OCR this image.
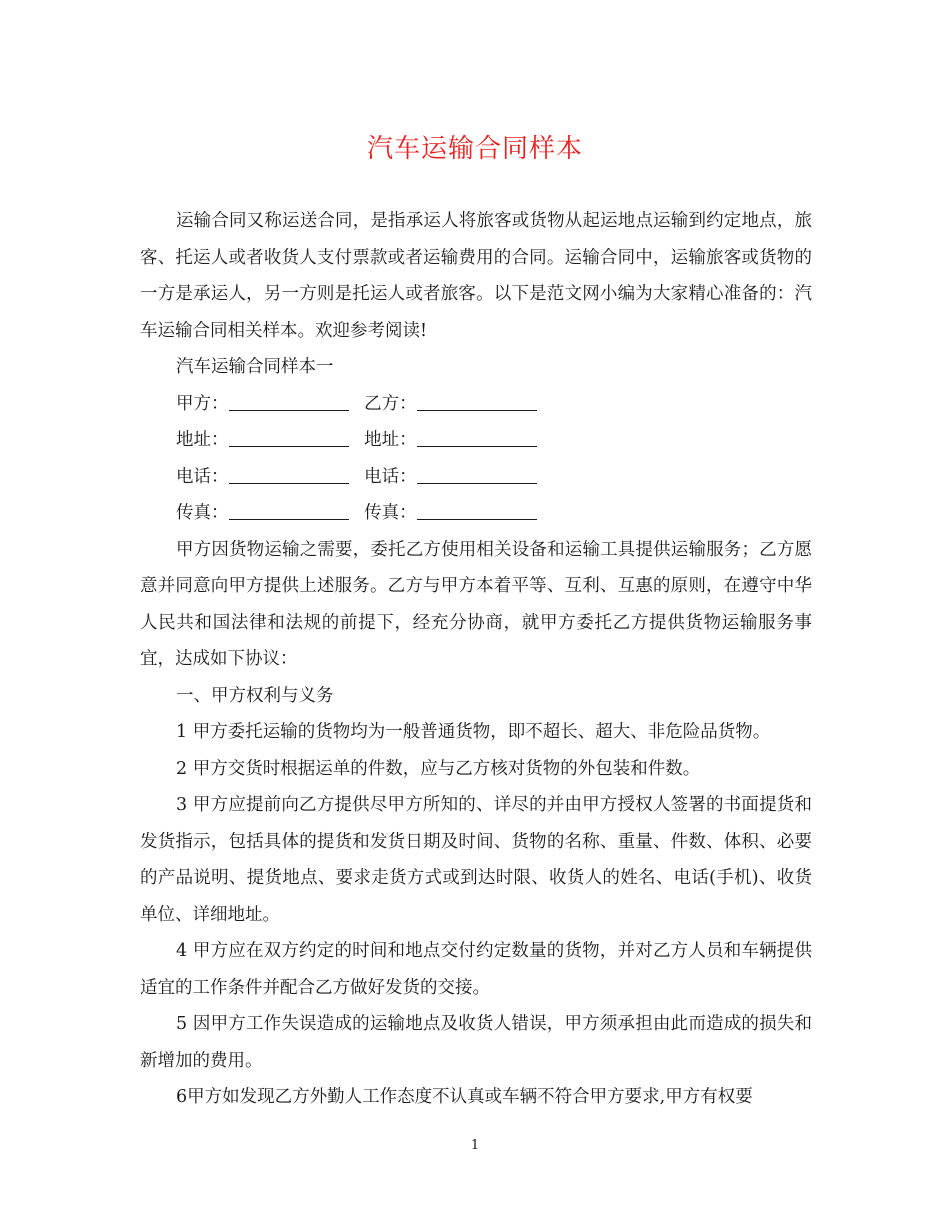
汽车运输合同样本

运输合同又称运送合同，是指承运人将旅客或货物从起运地点运输到约定地点，旅客、托运人或者收货人支付票款或者运输费用的合同。运输合同中，运输旅客或货物的一方是承运人，另一方则是托运人或者旅客。以下是范文网小编为大家精心准备的：汽车运输合同相关样本。欢迎参考阅读!

汽车运输合同样本一

甲方：	乙方：
地址：	地址：
电话：	电话：
传真：	传真：

甲方因货物运输之需要，委托乙方使用相关设备和运输工具提供运输服务；乙方愿意并同意向甲方提供上述服务。乙方与甲方本着平等、互利、互惠的原则，在遵守中华人民共和国法律和法规的前提下，经充分协商，就甲方委托乙方提供货物运输服务事宜，达成如下协议：

一、甲方权利与义务

1 甲方委托运输的货物均为一般普通货物，即不超长、超大、非危险品货物。

2 甲方交货时根据运单的件数，应与乙方核对货物的外包装和件数。

3 甲方应提前向乙方提供尽甲方所知的、详尽的并由甲方授权人签署的书面提货和发货指示，包括具体的提货和发货日期及时间、货物的名称、重量、件数、体积、必要的产品说明、提货地点、要求走货方式或到达时限、收货人的姓名、电话(手机)、收货单位、详细地址。

4 甲方应在双方约定的时间和地点交付约定数量的货物，并对乙方人员和车辆提供适宜的工作条件并配合乙方做好发货的交接。

5 因甲方工作失误造成的运输地点及收货人错误，甲方须承担由此而造成的损失和新增加的费用。

6甲方如发现乙方外勤人工作态度不认真或车辆不符合甲方要求,甲方有权要

1
